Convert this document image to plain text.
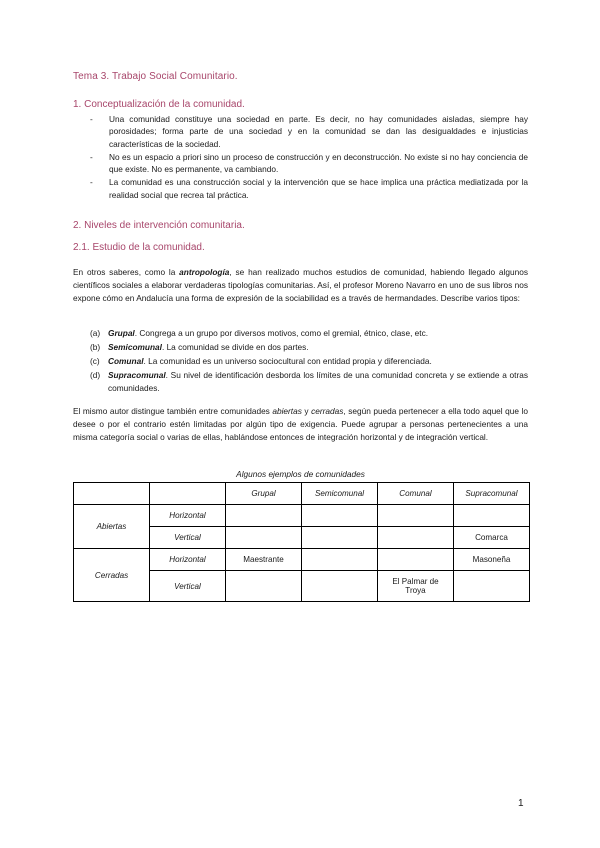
Tema 3. Trabajo Social Comunitario.
1. Conceptualización de la comunidad.
- Una comunidad constituye una sociedad en parte. Es decir, no hay comunidades aisladas, siempre hay porosidades; forma parte de una sociedad y en la comunidad se dan las desigualdades e injusticias características de la sociedad.
- No es un espacio a priori sino un proceso de construcción y en deconstrucción. No existe si no hay conciencia de que existe. No es permanente, va cambiando.
- La comunidad es una construcción social y la intervención que se hace implica una práctica mediatizada por la realidad social que recrea tal práctica.
2. Niveles de intervención comunitaria.
2.1. Estudio de la comunidad.

En otros saberes, como la antropología, se han realizado muchos estudios de comunidad, habiendo llegado algunos científicos sociales a elaborar verdaderas tipologías comunitarias. Así, el profesor Moreno Navarro en uno de sus libros nos expone cómo en Andalucía una forma de expresión de la sociabilidad es a través de hermandades. Describe varios tipos:

(a) Grupal. Congrega a un grupo por diversos motivos, como el gremial, étnico, clase, etc.
(b) Semicomunal. La comunidad se divide en dos partes.
(c) Comunal. La comunidad es un universo sociocultural con entidad propia y diferenciada.
(d) Supracomunal. Su nivel de identificación desborda los límites de una comunidad concreta y se extiende a otras comunidades.

El mismo autor distingue también entre comunidades abiertas y cerradas, según pueda pertenecer a ella todo aquel que lo desee o por el contrario estén limitadas por algún tipo de exigencia. Puede agrupar a personas pertenecientes a una misma categoría social o varias de ellas, hablándose entonces de integración horizontal y de integración vertical.

Algunos ejemplos de comunidades
		Grupal	Semicomunal	Comunal	Supracomunal
Abiertas	Horizontal				
	Vertical				Comarca
Cerradas	Horizontal	Maestrante			Masoneña
	Vertical			El Palmar de Troya	
1
